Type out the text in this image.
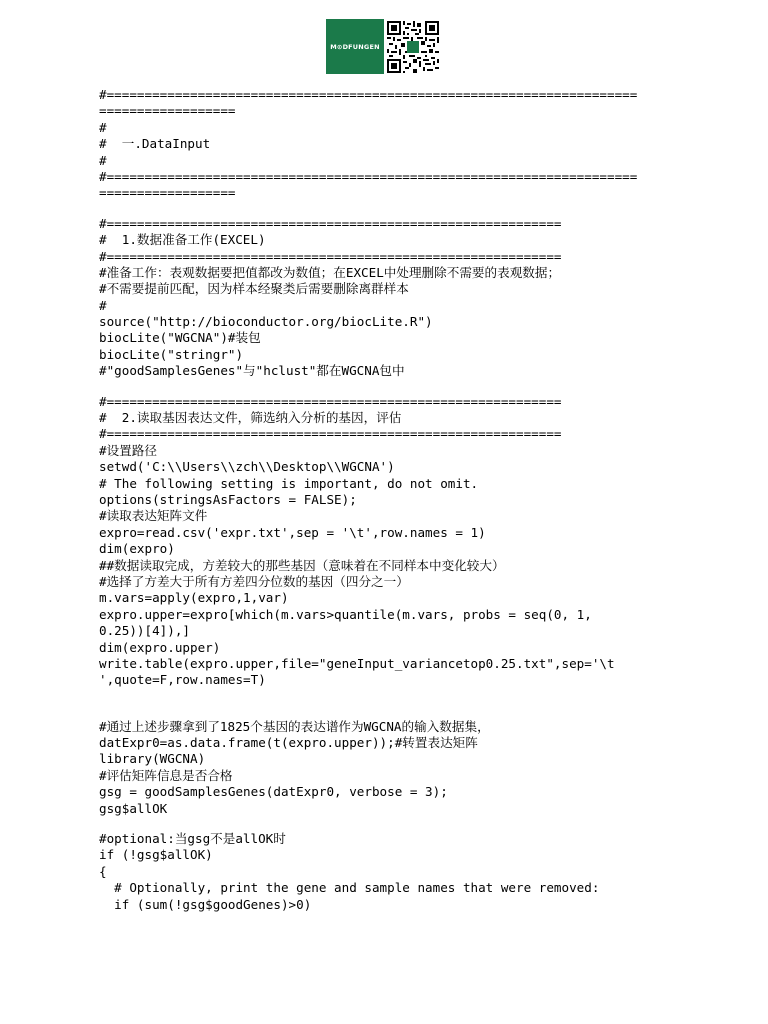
M⊙DFUNGEN
#======================================================================
==================
#
#  一.DataInput
#
#======================================================================
==================
#============================================================
#  1.数据准备工作(EXCEL)
#============================================================
#准备工作：表观数据要把值都改为数值；在EXCEL中处理删除不需要的表观数据；
#不需要提前匹配，因为样本经聚类后需要删除离群样本
#
source("http://bioconductor.org/biocLite.R")
biocLite("WGCNA")#装包
biocLite("stringr")
#"goodSamplesGenes"与"hclust"都在WGCNA包中
#============================================================
#  2.读取基因表达文件，筛选纳入分析的基因，评估
#============================================================
#设置路径
setwd('C:\\Users\\zch\\Desktop\\WGCNA')
# The following setting is important, do not omit.
options(stringsAsFactors = FALSE);
#读取表达矩阵文件
expro=read.csv('expr.txt',sep = '\t',row.names = 1)
dim(expro)
##数据读取完成，方差较大的那些基因（意味着在不同样本中变化较大）
#选择了方差大于所有方差四分位数的基因（四分之一）
m.vars=apply(expro,1,var)
expro.upper=expro[which(m.vars>quantile(m.vars, probs = seq(0, 1,
0.25))[4]),]
dim(expro.upper)
write.table(expro.upper,file="geneInput_variancetop0.25.txt",sep='\t
',quote=F,row.names=T)
#通过上述步骤拿到了1825个基因的表达谱作为WGCNA的输入数据集，
datExpr0=as.data.frame(t(expro.upper));#转置表达矩阵
library(WGCNA)
#评估矩阵信息是否合格
gsg = goodSamplesGenes(datExpr0, verbose = 3);
gsg$allOK
#optional:当gsg不是allOK时
if (!gsg$allOK)
{
# Optionally, print the gene and sample names that were removed:
if (sum(!gsg$goodGenes)>0)
